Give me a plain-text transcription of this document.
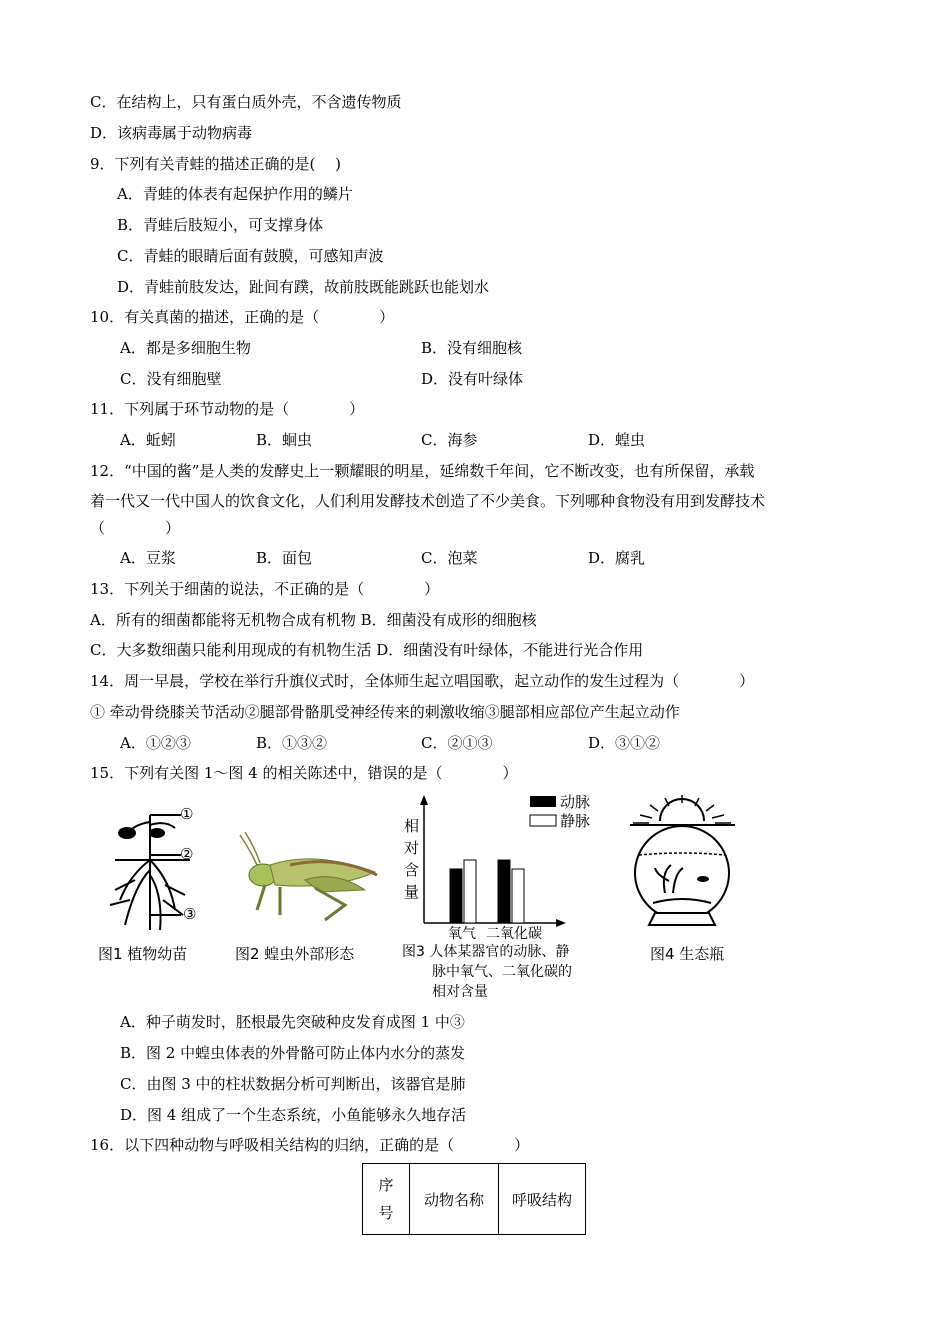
C．在结构上，只有蛋白质外壳，不含遗传物质
D．该病毒属于动物病毒
9．下列有关青蛙的描述正确的是(　 )
A．青蛙的体表有起保护作用的鳞片
B．青蛙后肢短小，可支撑身体
C．青蛙的眼睛后面有鼓膜，可感知声波
D．青蛙前肢发达，趾间有蹼，故前肢既能跳跃也能划水
10．有关真菌的描述，正确的是（　　　　）
A．都是多细胞生物	B．没有细胞核
C．没有细胞壁	D．没有叶绿体
11．下列属于环节动物的是（　　　　）
A．蚯蚓	B．蛔虫	C．海参	D．蝗虫
12．“中国的酱”是人类的发酵史上一颗耀眼的明星，延绵数千年间，它不断改变，也有所保留，承载
着一代又一代中国人的饮食文化，人们利用发酵技术创造了不少美食。下列哪种食物没有用到发酵技术
（　　　　）
A．豆浆	B．面包	C．泡菜	D．腐乳
13．下列关于细菌的说法，不正确的是（　　　　）
A．所有的细菌都能将无机物合成有机物 B．细菌没有成形的细胞核
C．大多数细菌只能利用现成的有机物生活 D．细菌没有叶绿体，不能进行光合作用
14．周一早晨，学校在举行升旗仪式时，全体师生起立唱国歌，起立动作的发生过程为（　　　　）
① 牵动骨绕膝关节活动②腿部骨骼肌受神经传来的刺激收缩③腿部相应部位产生起立动作
A．①②③	B．①③②	C．②①③	D．③①②
15．下列有关图 1～图 4 的相关陈述中，错误的是（　　　　）
①
②
③
图1 植物幼苗	图2 蝗虫外部形态
动脉
静脉
相
对
含
量
氧气 二氧化碳
图3 人体某器官的动脉、静
脉中氧气、二氧化碳的
相对含量
图4 生态瓶
A．种子萌发时，胚根最先突破种皮发育成图 1 中③
B．图 2 中蝗虫体表的外骨骼可防止体内水分的蒸发
C．由图 3 中的柱状数据分析可判断出，该器官是肺
D．图 4 组成了一个生态系统，小鱼能够永久地存活
16．以下四种动物与呼吸相关结构的归纳，正确的是（　　　　）
序
号	动物名称	呼吸结构
